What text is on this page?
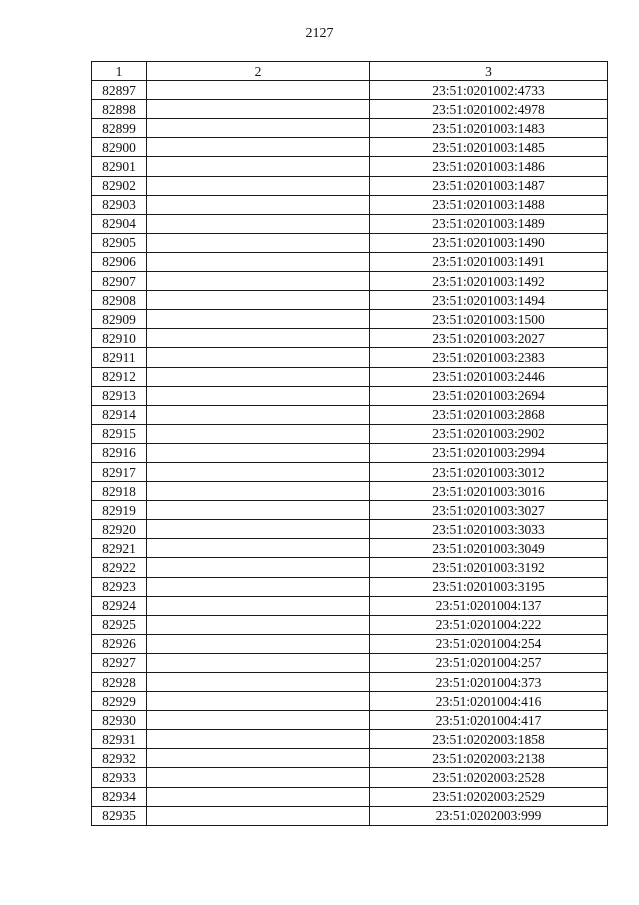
2127
1	2	3
82897		23:51:0201002:4733
82898		23:51:0201002:4978
82899		23:51:0201003:1483
82900		23:51:0201003:1485
82901		23:51:0201003:1486
82902		23:51:0201003:1487
82903		23:51:0201003:1488
82904		23:51:0201003:1489
82905		23:51:0201003:1490
82906		23:51:0201003:1491
82907		23:51:0201003:1492
82908		23:51:0201003:1494
82909		23:51:0201003:1500
82910		23:51:0201003:2027
82911		23:51:0201003:2383
82912		23:51:0201003:2446
82913		23:51:0201003:2694
82914		23:51:0201003:2868
82915		23:51:0201003:2902
82916		23:51:0201003:2994
82917		23:51:0201003:3012
82918		23:51:0201003:3016
82919		23:51:0201003:3027
82920		23:51:0201003:3033
82921		23:51:0201003:3049
82922		23:51:0201003:3192
82923		23:51:0201003:3195
82924		23:51:0201004:137
82925		23:51:0201004:222
82926		23:51:0201004:254
82927		23:51:0201004:257
82928		23:51:0201004:373
82929		23:51:0201004:416
82930		23:51:0201004:417
82931		23:51:0202003:1858
82932		23:51:0202003:2138
82933		23:51:0202003:2528
82934		23:51:0202003:2529
82935		23:51:0202003:999
